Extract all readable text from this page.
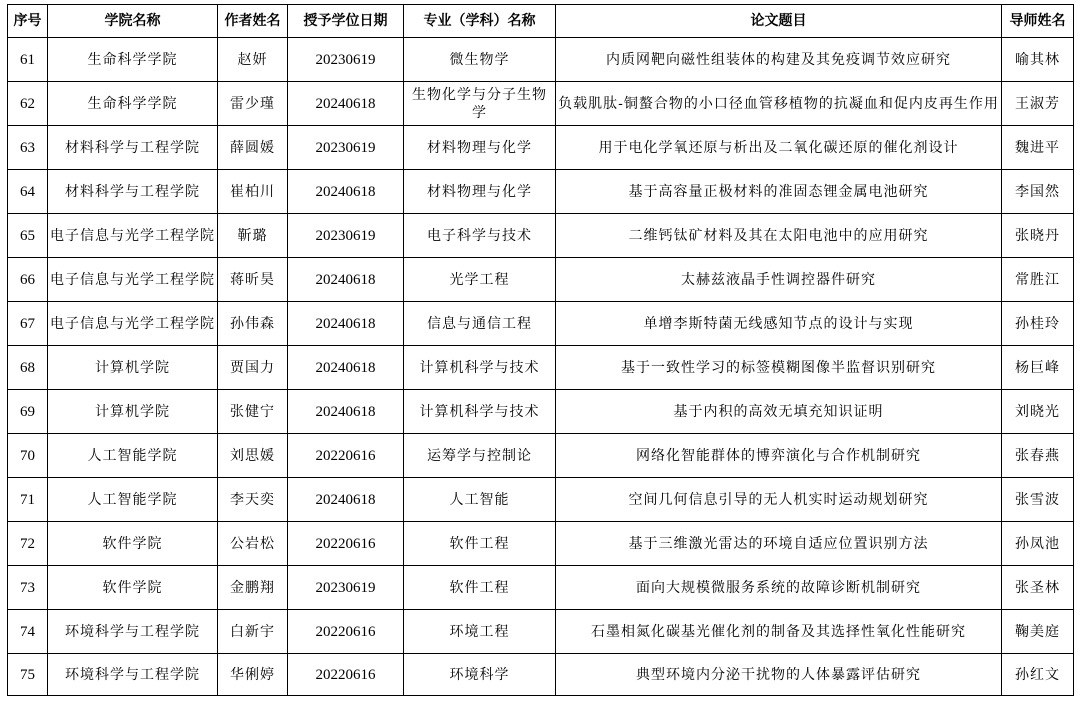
序号	学院名称	作者姓名	授予学位日期	专业（学科）名称	论文题目	导师姓名
61	生命科学学院	赵妍	20230619	微生物学	内质网靶向磁性组装体的构建及其免疫调节效应研究	喻其林
62	生命科学学院	雷少瑾	20240618	生物化学与分子生物学	负载肌肽-铜螯合物的小口径血管移植物的抗凝血和促内皮再生作用	王淑芳
63	材料科学与工程学院	薛圆媛	20230619	材料物理与化学	用于电化学氧还原与析出及二氧化碳还原的催化剂设计	魏进平
64	材料科学与工程学院	崔柏川	20240618	材料物理与化学	基于高容量正极材料的准固态锂金属电池研究	李国然
65	电子信息与光学工程学院	靳璐	20230619	电子科学与技术	二维钙钛矿材料及其在太阳电池中的应用研究	张晓丹
66	电子信息与光学工程学院	蒋昕昊	20240618	光学工程	太赫兹液晶手性调控器件研究	常胜江
67	电子信息与光学工程学院	孙伟森	20240618	信息与通信工程	单增李斯特菌无线感知节点的设计与实现	孙桂玲
68	计算机学院	贾国力	20240618	计算机科学与技术	基于一致性学习的标签模糊图像半监督识别研究	杨巨峰
69	计算机学院	张健宁	20240618	计算机科学与技术	基于内积的高效无填充知识证明	刘晓光
70	人工智能学院	刘思媛	20220616	运筹学与控制论	网络化智能群体的博弈演化与合作机制研究	张春燕
71	人工智能学院	李天奕	20240618	人工智能	空间几何信息引导的无人机实时运动规划研究	张雪波
72	软件学院	公岩松	20220616	软件工程	基于三维激光雷达的环境自适应位置识别方法	孙凤池
73	软件学院	金鹏翔	20230619	软件工程	面向大规模微服务系统的故障诊断机制研究	张圣林
74	环境科学与工程学院	白新宇	20220616	环境工程	石墨相氮化碳基光催化剂的制备及其选择性氧化性能研究	鞠美庭
75	环境科学与工程学院	华俐婷	20220616	环境科学	典型环境内分泌干扰物的人体暴露评估研究	孙红文
